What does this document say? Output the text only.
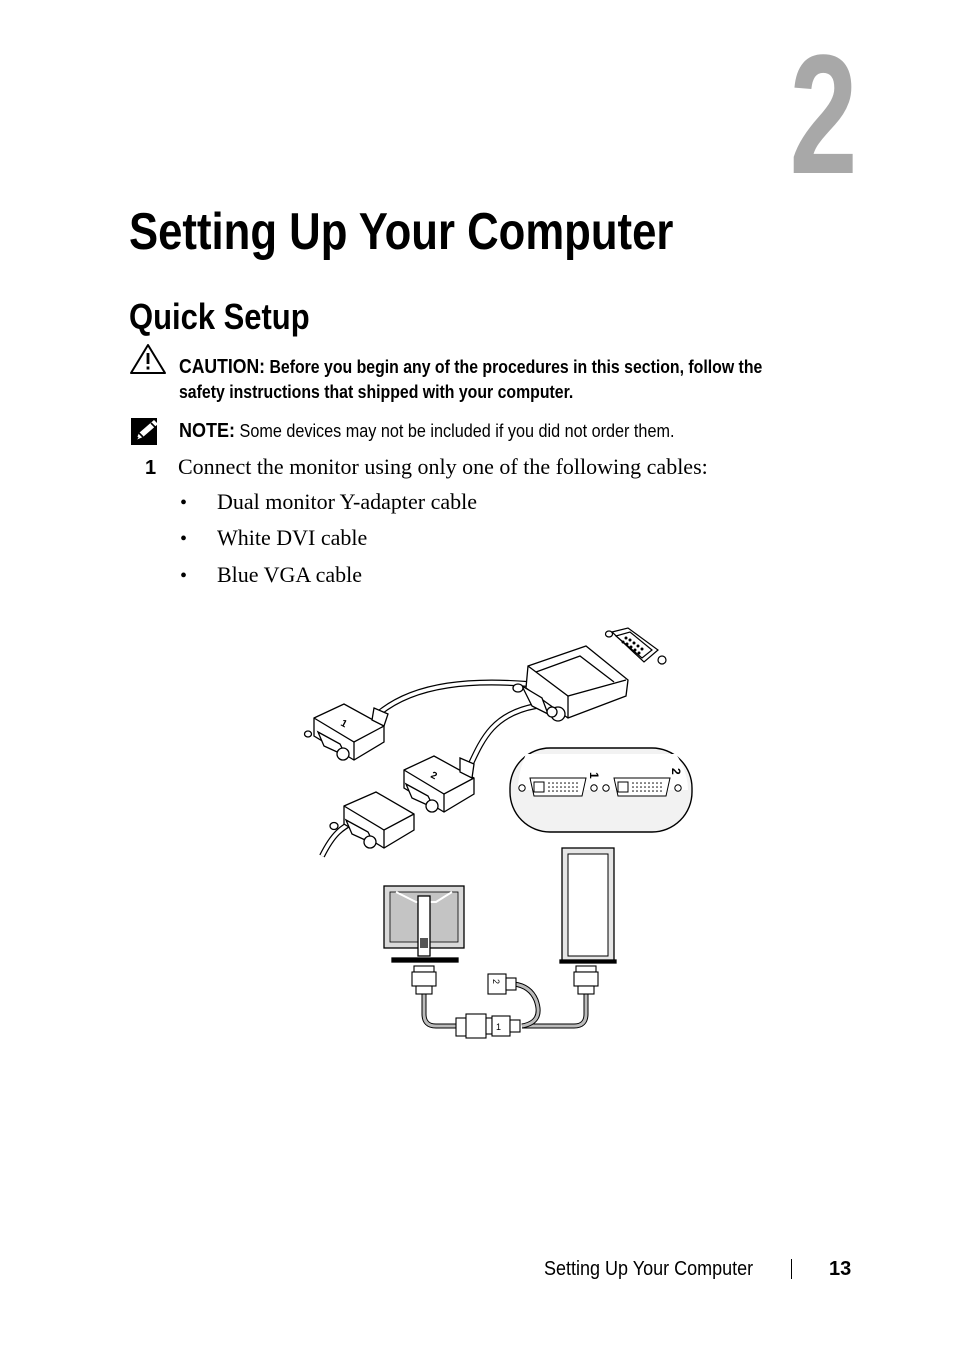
2
Setting Up Your Computer
Quick Setup
CAUTION: Before you begin any of the procedures in this section, follow the
safety instructions that shipped with your computer.
NOTE: Some devices may not be included if you did not order them.
1 Connect the monitor using only one of the following cables:
• Dual monitor Y-adapter cable
• White DVI cable
• Blue VGA cable
1
2	1
2
1
2
Setting Up Your Computer	13
